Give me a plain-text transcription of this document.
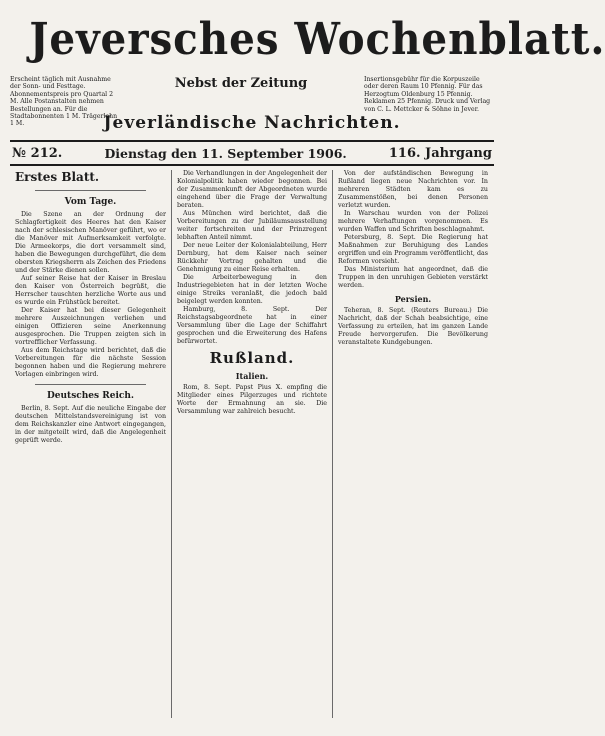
Jeversches Wochenblatt.
Erscheint täglich mit Ausnahme der Sonn- und Festtage. Abonnementspreis pro Quartal 2 M. Alle Postanstalten nehmen Bestellungen an. Für die Stadtabonnenten 1 M. Trägerlohn 1 M.
Nebst der Zeitung	Insertionsgebühr für die Korpuszeile oder deren Raum 10 Pfennig. Für das Herzogtum Oldenburg 15 Pfennig. Reklamen 25 Pfennig. Druck und Verlag von C. L. Mettcker & Söhne in Jever.
Jeverländische Nachrichten.
№ 212.	Dienstag den 11. September 1906.	116. Jahrgang
Erstes Blatt.
Vom Tage.

Die Szene an der Ordnung der Schlagfertigkeit des Heeres hat den Kaiser nach der schlesischen Manöver geführt, wo er die Manöver mit Aufmerksamkeit verfolgte. Die Armeekorps, die dort versammelt sind, haben die Bewegungen durchgeführt, die dem obersten Kriegsherrn als Zeichen des Friedens und der Stärke dienen sollen.

Auf seiner Reise hat der Kaiser in Breslau den Kaiser von Österreich begrüßt, die Herrscher tauschten herzliche Worte aus und es wurde ein Frühstück bereitet.

Der Kaiser hat bei dieser Gelegenheit mehrere Auszeichnungen verliehen und einigen Offizieren seine Anerkennung ausgesprochen. Die Truppen zeigten sich in vortrefflicher Verfassung.

Aus dem Reichstage wird berichtet, daß die Vorbereitungen für die nächste Session begonnen haben und die Regierung mehrere Vorlagen einbringen wird.

Deutsches Reich.

Berlin, 8. Sept. Auf die neuliche Eingabe der deutschen Mittelstandsvereinigung ist von dem Reichskanzler eine Antwort eingegangen, in der mitgeteilt wird, daß die Angelegenheit geprüft werde.

Die Verhandlungen in der Angelegenheit der Kolonialpolitik haben wieder begonnen. Bei der Zusammenkunft der Abgeordneten wurde eingehend über die Frage der Verwaltung beraten.

Aus München wird berichtet, daß die Vorbereitungen zu der Jubiläumsausstellung weiter fortschreiten und der Prinzregent lebhaften Anteil nimmt.

Der neue Leiter der Kolonialabteilung, Herr Dernburg, hat dem Kaiser nach seiner Rückkehr Vortrag gehalten und die Genehmigung zu einer Reise erhalten.

Die Arbeiterbewegung in den Industriegebieten hat in der letzten Woche einige Streiks veranlaßt, die jedoch bald beigelegt werden konnten.

Hamburg, 8. Sept. Der Reichstagsabgeordnete hat in einer Versammlung über die Lage der Schiffahrt gesprochen und die Erweiterung des Hafens befürwortet.

Rußland.
Italien.

Rom, 8. Sept. Papst Pius X. empfing die Mitglieder eines Pilgerzuges und richtete Worte der Ermahnung an sie. Die Versammlung war zahlreich besucht.

Von der aufständischen Bewegung in Rußland liegen neue Nachrichten vor. In mehreren Städten kam es zu Zusammenstößen, bei denen Personen verletzt wurden.

In Warschau wurden von der Polizei mehrere Verhaftungen vorgenommen. Es wurden Waffen und Schriften beschlagnahmt.

Petersburg, 8. Sept. Die Regierung hat Maßnahmen zur Beruhigung des Landes ergriffen und ein Programm veröffentlicht, das Reformen vorsieht.

Das Ministerium hat angeordnet, daß die Truppen in den unruhigen Gebieten verstärkt werden.

Persien.

Teheran, 8. Sept. (Reuters Bureau.) Die Nachricht, daß der Schah beabsichtige, eine Verfassung zu erteilen, hat im ganzen Lande Freude hervorgerufen. Die Bevölkerung veranstaltete Kundgebungen.
